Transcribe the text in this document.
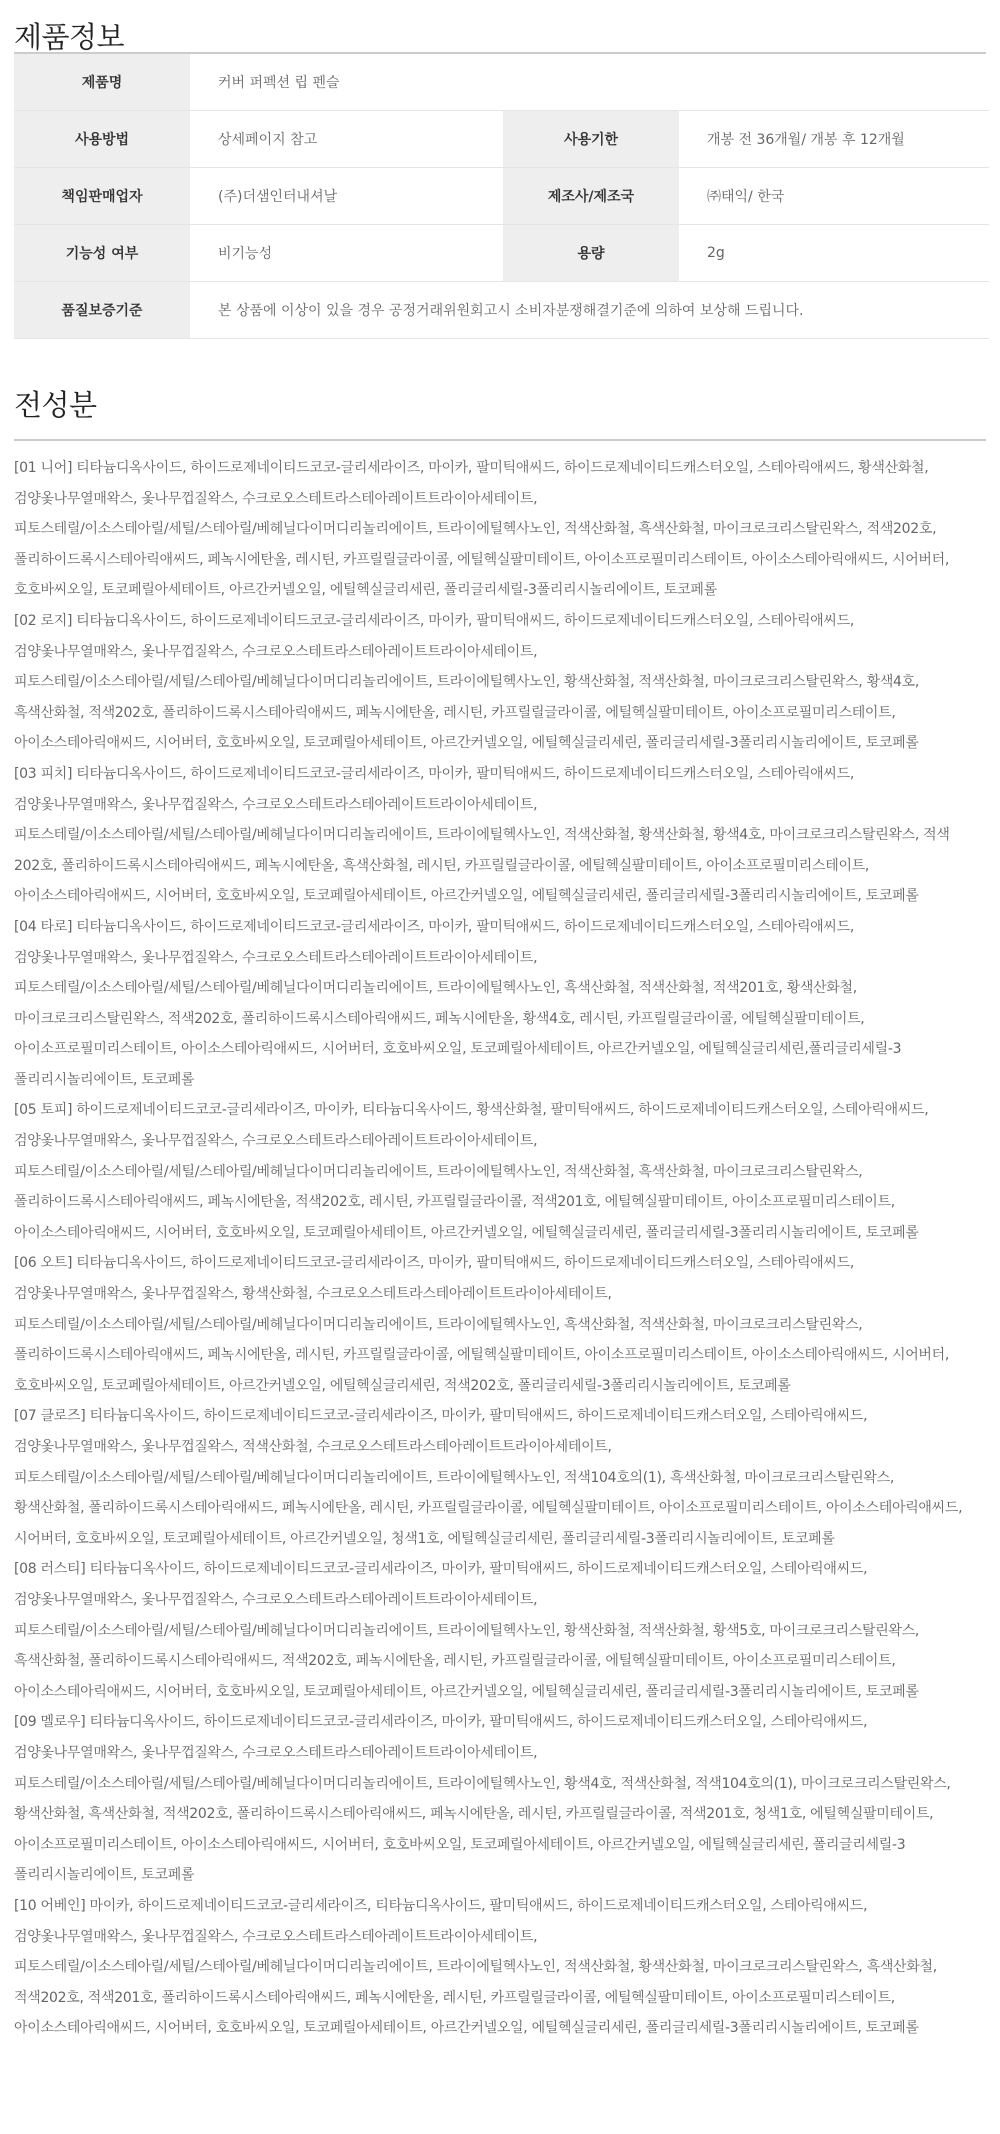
제품정보
제품명	커버 퍼펙션 립 펜슬		
사용방법	상세페이지 참고	사용기한	개봉 전 36개월/ 개봉 후 12개월
책임판매업자	(주)더샘인터내셔날	제조사/제조국	㈜태익/ 한국
기능성 여부	비기능성	용량	2g
품질보증기준	본 상품에 이상이 있을 경우 공정거래위원회고시 소비자분쟁해결기준에 의하여 보상해 드립니다.		
전성분

[01 니어] 티타늄디옥사이드, 하이드로제네이티드코코-글리세라이즈, 마이카, 팔미틱애씨드, 하이드로제네이티드캐스터오일, 스테아릭애씨드, 황색산화철,

검양옻나무열매왁스, 옻나무껍질왁스, 수크로오스테트라스테아레이트트라이아세테이트,

피토스테릴/이소스테아릴/세틸/스테아릴/베헤닐다이머디리놀리에이트, 트라이에틸헥사노인, 적색산화철, 흑색산화철, 마이크로크리스탈린왁스, 적색202호,

폴리하이드록시스테아릭애씨드, 페녹시에탄올, 레시틴, 카프릴릴글라이콜, 에틸헥실팔미테이트, 아이소프로필미리스테이트, 아이소스테아릭애씨드, 시어버터,

호호바씨오일, 토코페릴아세테이트, 아르간커넬오일, 에틸헥실글리세린, 폴리글리세릴-3폴리리시놀리에이트, 토코페롤

[02 로지] 티타늄디옥사이드, 하이드로제네이티드코코-글리세라이즈, 마이카, 팔미틱애씨드, 하이드로제네이티드캐스터오일, 스테아릭애씨드,

검양옻나무열매왁스, 옻나무껍질왁스, 수크로오스테트라스테아레이트트라이아세테이트,

피토스테릴/이소스테아릴/세틸/스테아릴/베헤닐다이머디리놀리에이트, 트라이에틸헥사노인, 황색산화철, 적색산화철, 마이크로크리스탈린왁스, 황색4호,

흑색산화철, 적색202호, 폴리하이드록시스테아릭애씨드, 페녹시에탄올, 레시틴, 카프릴릴글라이콜, 에틸헥실팔미테이트, 아이소프로필미리스테이트,

아이소스테아릭애씨드, 시어버터, 호호바씨오일, 토코페릴아세테이트, 아르간커넬오일, 에틸헥실글리세린, 폴리글리세릴-3폴리리시놀리에이트, 토코페롤

[03 피치] 티타늄디옥사이드, 하이드로제네이티드코코-글리세라이즈, 마이카, 팔미틱애씨드, 하이드로제네이티드캐스터오일, 스테아릭애씨드,

검양옻나무열매왁스, 옻나무껍질왁스, 수크로오스테트라스테아레이트트라이아세테이트,

피토스테릴/이소스테아릴/세틸/스테아릴/베헤닐다이머디리놀리에이트, 트라이에틸헥사노인, 적색산화철, 황색산화철, 황색4호, 마이크로크리스탈린왁스, 적색

202호, 폴리하이드록시스테아릭애씨드, 페녹시에탄올, 흑색산화철, 레시틴, 카프릴릴글라이콜, 에틸헥실팔미테이트, 아이소프로필미리스테이트,

아이소스테아릭애씨드, 시어버터, 호호바씨오일, 토코페릴아세테이트, 아르간커넬오일, 에틸헥실글리세린, 폴리글리세릴-3폴리리시놀리에이트, 토코페롤

[04 타로] 티타늄디옥사이드, 하이드로제네이티드코코-글리세라이즈, 마이카, 팔미틱애씨드, 하이드로제네이티드캐스터오일, 스테아릭애씨드,

검양옻나무열매왁스, 옻나무껍질왁스, 수크로오스테트라스테아레이트트라이아세테이트,

피토스테릴/이소스테아릴/세틸/스테아릴/베헤닐다이머디리놀리에이트, 트라이에틸헥사노인, 흑색산화철, 적색산화철, 적색201호, 황색산화철,

마이크로크리스탈린왁스, 적색202호, 폴리하이드록시스테아릭애씨드, 페녹시에탄올, 황색4호, 레시틴, 카프릴릴글라이콜, 에틸헥실팔미테이트,

아이소프로필미리스테이트, 아이소스테아릭애씨드, 시어버터, 호호바씨오일, 토코페릴아세테이트, 아르간커넬오일, 에틸헥실글리세린,폴리글리세릴-3

폴리리시놀리에이트, 토코페롤

[05 토피] 하이드로제네이티드코코-글리세라이즈, 마이카, 티타늄디옥사이드, 황색산화철, 팔미틱애씨드, 하이드로제네이티드캐스터오일, 스테아릭애씨드,

검양옻나무열매왁스, 옻나무껍질왁스, 수크로오스테트라스테아레이트트라이아세테이트,

피토스테릴/이소스테아릴/세틸/스테아릴/베헤닐다이머디리놀리에이트, 트라이에틸헥사노인, 적색산화철, 흑색산화철, 마이크로크리스탈린왁스,

폴리하이드록시스테아릭애씨드, 페녹시에탄올, 적색202호, 레시틴, 카프릴릴글라이콜, 적색201호, 에틸헥실팔미테이트, 아이소프로필미리스테이트,

아이소스테아릭애씨드, 시어버터, 호호바씨오일, 토코페릴아세테이트, 아르간커넬오일, 에틸헥실글리세린, 폴리글리세릴-3폴리리시놀리에이트, 토코페롤

[06 오트] 티타늄디옥사이드, 하이드로제네이티드코코-글리세라이즈, 마이카, 팔미틱애씨드, 하이드로제네이티드캐스터오일, 스테아릭애씨드,

검양옻나무열매왁스, 옻나무껍질왁스, 황색산화철, 수크로오스테트라스테아레이트트라이아세테이트,

피토스테릴/이소스테아릴/세틸/스테아릴/베헤닐다이머디리놀리에이트, 트라이에틸헥사노인, 흑색산화철, 적색산화철, 마이크로크리스탈린왁스,

폴리하이드록시스테아릭애씨드, 페녹시에탄올, 레시틴, 카프릴릴글라이콜, 에틸헥실팔미테이트, 아이소프로필미리스테이트, 아이소스테아릭애씨드, 시어버터,

호호바씨오일, 토코페릴아세테이트, 아르간커넬오일, 에틸헥실글리세린, 적색202호, 폴리글리세릴-3폴리리시놀리에이트, 토코페롤

[07 클로즈] 티타늄디옥사이드, 하이드로제네이티드코코-글리세라이즈, 마이카, 팔미틱애씨드, 하이드로제네이티드캐스터오일, 스테아릭애씨드,

검양옻나무열매왁스, 옻나무껍질왁스, 적색산화철, 수크로오스테트라스테아레이트트라이아세테이트,

피토스테릴/이소스테아릴/세틸/스테아릴/베헤닐다이머디리놀리에이트, 트라이에틸헥사노인, 적색104호의(1), 흑색산화철, 마이크로크리스탈린왁스,

황색산화철, 폴리하이드록시스테아릭애씨드, 페녹시에탄올, 레시틴, 카프릴릴글라이콜, 에틸헥실팔미테이트, 아이소프로필미리스테이트, 아이소스테아릭애씨드,

시어버터, 호호바씨오일, 토코페릴아세테이트, 아르간커넬오일, 청색1호, 에틸헥실글리세린, 폴리글리세릴-3폴리리시놀리에이트, 토코페롤

[08 러스티] 티타늄디옥사이드, 하이드로제네이티드코코-글리세라이즈, 마이카, 팔미틱애씨드, 하이드로제네이티드캐스터오일, 스테아릭애씨드,

검양옻나무열매왁스, 옻나무껍질왁스, 수크로오스테트라스테아레이트트라이아세테이트,

피토스테릴/이소스테아릴/세틸/스테아릴/베헤닐다이머디리놀리에이트, 트라이에틸헥사노인, 황색산화철, 적색산화철, 황색5호, 마이크로크리스탈린왁스,

흑색산화철, 폴리하이드록시스테아릭애씨드, 적색202호, 페녹시에탄올, 레시틴, 카프릴릴글라이콜, 에틸헥실팔미테이트, 아이소프로필미리스테이트,

아이소스테아릭애씨드, 시어버터, 호호바씨오일, 토코페릴아세테이트, 아르간커넬오일, 에틸헥실글리세린, 폴리글리세릴-3폴리리시놀리에이트, 토코페롤

[09 멜로우] 티타늄디옥사이드, 하이드로제네이티드코코-글리세라이즈, 마이카, 팔미틱애씨드, 하이드로제네이티드캐스터오일, 스테아릭애씨드,

검양옻나무열매왁스, 옻나무껍질왁스, 수크로오스테트라스테아레이트트라이아세테이트,

피토스테릴/이소스테아릴/세틸/스테아릴/베헤닐다이머디리놀리에이트, 트라이에틸헥사노인, 황색4호, 적색산화철, 적색104호의(1), 마이크로크리스탈린왁스,

황색산화철, 흑색산화철, 적색202호, 폴리하이드록시스테아릭애씨드, 페녹시에탄올, 레시틴, 카프릴릴글라이콜, 적색201호, 청색1호, 에틸헥실팔미테이트,

아이소프로필미리스테이트, 아이소스테아릭애씨드, 시어버터, 호호바씨오일, 토코페릴아세테이트, 아르간커넬오일, 에틸헥실글리세린, 폴리글리세릴-3

폴리리시놀리에이트, 토코페롤

[10 어베인] 마이카, 하이드로제네이티드코코-글리세라이즈, 티타늄디옥사이드, 팔미틱애씨드, 하이드로제네이티드캐스터오일, 스테아릭애씨드,

검양옻나무열매왁스, 옻나무껍질왁스, 수크로오스테트라스테아레이트트라이아세테이트,

피토스테릴/이소스테아릴/세틸/스테아릴/베헤닐다이머디리놀리에이트, 트라이에틸헥사노인, 적색산화철, 황색산화철, 마이크로크리스탈린왁스, 흑색산화철,

적색202호, 적색201호, 폴리하이드록시스테아릭애씨드, 페녹시에탄올, 레시틴, 카프릴릴글라이콜, 에틸헥실팔미테이트, 아이소프로필미리스테이트,

아이소스테아릭애씨드, 시어버터, 호호바씨오일, 토코페릴아세테이트, 아르간커넬오일, 에틸헥실글리세린, 폴리글리세릴-3폴리리시놀리에이트, 토코페롤
